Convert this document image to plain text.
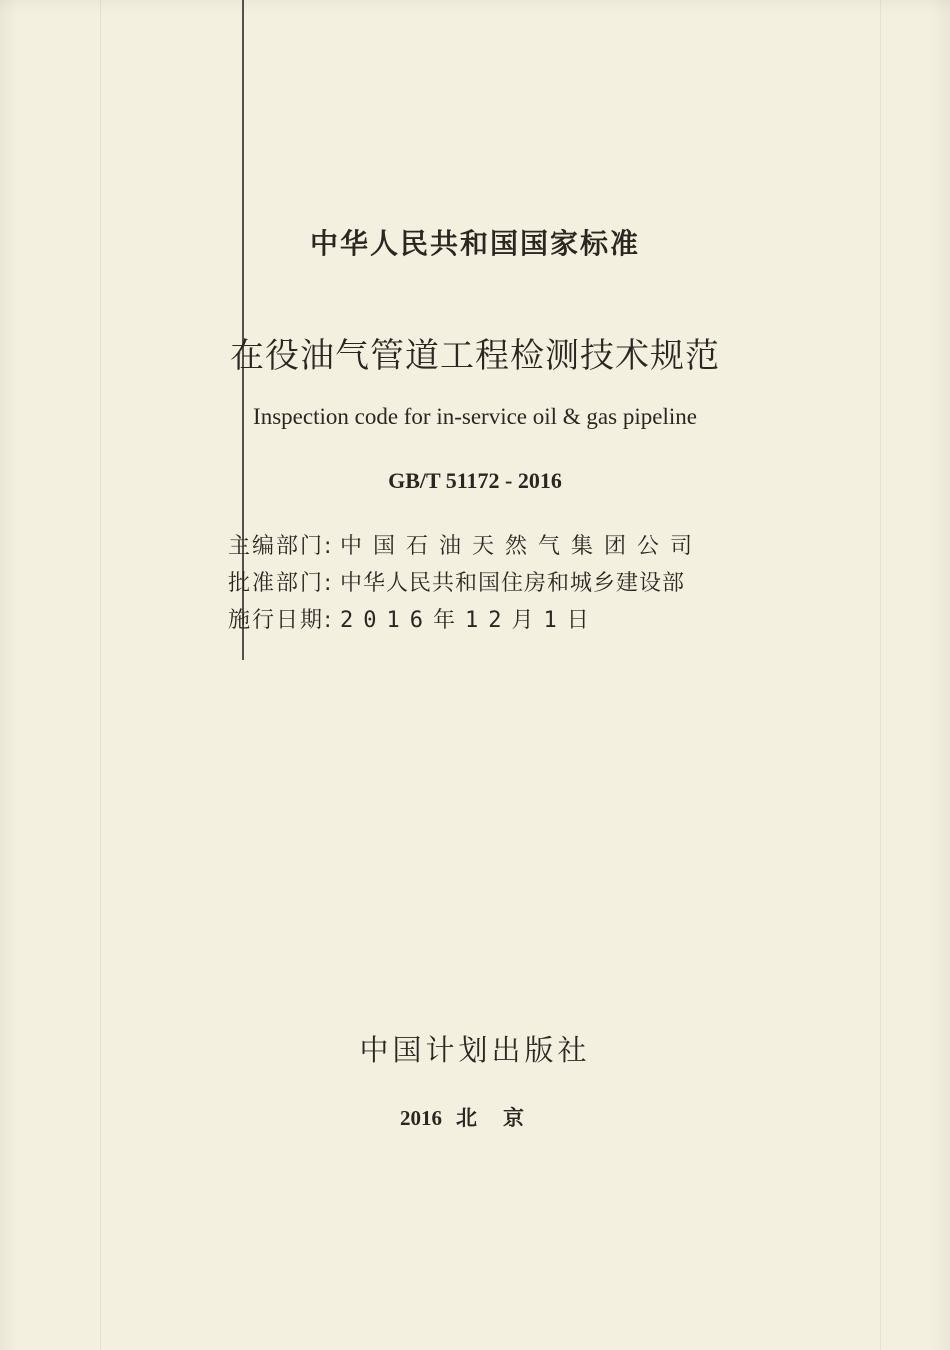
中华人民共和国国家标准
在役油气管道工程检测技术规范
Inspection code for in-service oil & gas pipeline
GB/T 51172 - 2016
主编部门: 中国石油天然气集团公司
批准部门: 中华人民共和国住房和城乡建设部
施行日期: 2016年12月1日
中国计划出版社
2016 北京
